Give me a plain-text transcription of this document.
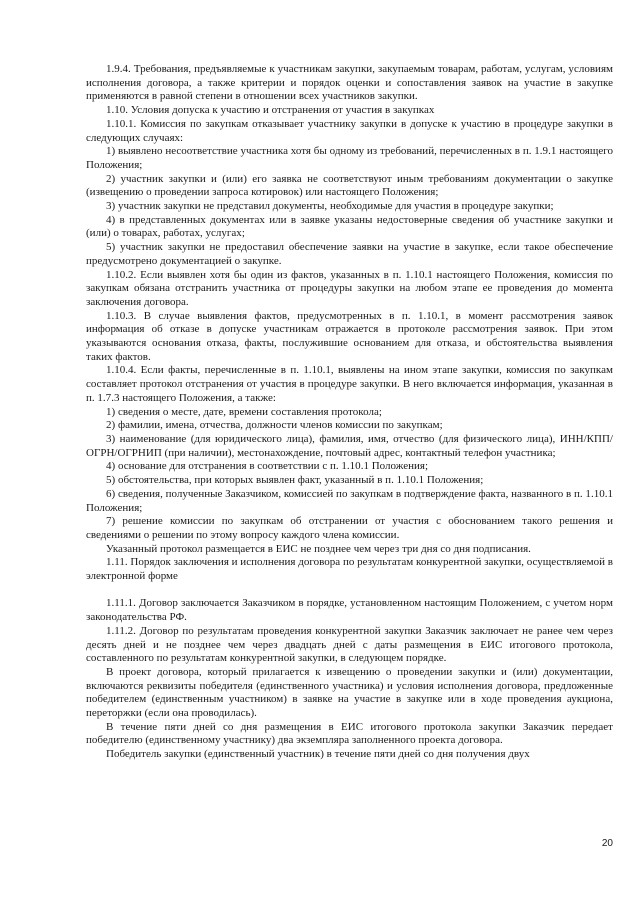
1.9.4. Требования, предъявляемые к участникам закупки, закупаемым товарам, работам, услугам, условиям исполнения договора, а также критерии и порядок оценки и сопоставления заявок на участие в закупке применяются в равной степени в отношении всех участников закупки.

1.10. Условия допуска к участию и отстранения от участия в закупках

1.10.1. Комиссия по закупкам отказывает участнику закупки в допуске к участию в процедуре закупки в следующих случаях:

1) выявлено несоответствие участника хотя бы одному из требований, перечисленных в п. 1.9.1 настоящего Положения;

2) участник закупки и (или) его заявка не соответствуют иным требованиям документации о закупке (извещению о проведении запроса котировок) или настоящего Положения;

3) участник закупки не представил документы, необходимые для участия в процедуре закупки;

4) в представленных документах или в заявке указаны недостоверные сведения об участнике закупки и (или) о товарах, работах, услугах;

5) участник закупки не предоставил обеспечение заявки на участие в закупке, если такое обеспечение предусмотрено документацией о закупке.

1.10.2. Если выявлен хотя бы один из фактов, указанных в п. 1.10.1 настоящего Положения, комиссия по закупкам обязана отстранить участника от процедуры закупки на любом этапе ее проведения до момента заключения договора.

1.10.3. В случае выявления фактов, предусмотренных в п. 1.10.1, в момент рассмотрения заявок информация об отказе в допуске участникам отражается в протоколе рассмотрения заявок. При этом указываются основания отказа, факты, послужившие основанием для отказа, и обстоятельства выявления таких фактов.

1.10.4. Если факты, перечисленные в п. 1.10.1, выявлены на ином этапе закупки, комиссия по закупкам составляет протокол отстранения от участия в процедуре закупки. В него включается информация, указанная в п. 1.7.3 настоящего Положения, а также:

1) сведения о месте, дате, времени составления протокола;

2) фамилии, имена, отчества, должности членов комиссии по закупкам;

3) наименование (для юридического лица), фамилия, имя, отчество (для физического лица), ИНН/КПП/ОГРН/ОГРНИП (при наличии), местонахождение, почтовый адрес, контактный телефон участника;

4) основание для отстранения в соответствии с п. 1.10.1 Положения;

5) обстоятельства, при которых выявлен факт, указанный в п. 1.10.1 Положения;

6) сведения, полученные Заказчиком, комиссией по закупкам в подтверждение факта, названного в п. 1.10.1 Положения;

7) решение комиссии по закупкам об отстранении от участия с обоснованием такого решения и сведениями о решении по этому вопросу каждого члена комиссии.

Указанный протокол размещается в ЕИС не позднее чем через три дня со дня подписания.

1.11. Порядок заключения и исполнения договора по результатам конкурентной закупки, осуществляемой в электронной форме

1.11.1. Договор заключается Заказчиком в порядке, установленном настоящим Положением, с учетом норм законодательства РФ.

1.11.2. Договор по результатам проведения конкурентной закупки Заказчик заключает не ранее чем через десять дней и не позднее чем через двадцать дней с даты размещения в ЕИС итогового протокола, составленного по результатам конкурентной закупки, в следующем порядке.

В проект договора, который прилагается к извещению о проведении закупки и (или) документации, включаются реквизиты победителя (единственного участника) и условия исполнения договора, предложенные победителем (единственным участником) в заявке на участие в закупке или в ходе проведения аукциона, переторжки (если она проводилась).

В течение пяти дней со дня размещения в ЕИС итогового протокола закупки Заказчик передает победителю (единственному участнику) два экземпляра заполненного проекта договора.

Победитель закупки (единственный участник) в течение пяти дней со дня получения двух

20
